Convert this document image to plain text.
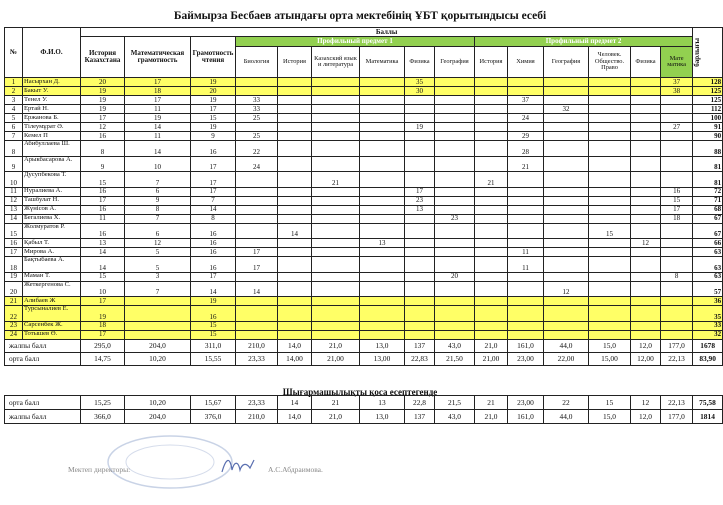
Баймырза Бесбаев атындағы орта мектебінің ҰБТ қорытындысы есебі
№	Ф.И.О.	Баллы															барлығы

		История Казахстана	Математическая грамотность	Грамотность чтения	Профильный предмет 1						Профильный предмет 2						
					Биология	История	Казахский язык и литература	Математика	Физика	География	История	Химия	География	Человек. Общество. Право	Физика	Мате матика	
1	Насырхан Д.	20	17	19					35							37	128
2	Бакыт У.	19	18	20					30							38	125
3	Тенел У.	19	17	19	33							37					125
4	Ертай Н.	19	11	17	33								32				112
5	Ержанова Б.	17	19	15	25							24					100
6	Тілеумұрат Ә.	12	14	19					19							27	91
7	Кемел П	16	11	9	25							29					90
8	Абибуллаева Ш.	8	14	16	22							28					88
9	Арыкбасарова А.	9	10	17	24							21					81
10	Дусупбекова Т.	15	7	17			21				21						81
11	Нуралиева А.	16	6	17					17							16	72
12	Ташбулат Н.	17	9	7					23							15	71
13	Жүнісов А.	16	8	14					13							17	68
14	Бегалиева Х.	11	7	8						23						18	67
15	Жолмуратов Р.	16	6	16		14								15			67
16	Қабыл Т.	13	12	16				13							12		66
17	Мирова А.	14	5	16	17							11					63
18	Бақтыбаева А.	14	5	16	17							11					63
19	Маман Т.	15	3	17						20						8	63
20	Жеткергенова С.	10	7	14	14								12				57
21	Алибаев Ж	17		19													36
22	Турсыналиев Е.	19		16													35
23	Сарсенбек Ж.	18		15													33
24	Тотышев Ө.	17		15													32
жалпы балл		295,0	204,0	311,0	210,0	14,0	21,0	13,0	137	43,0	21,0	161,0	44,0	15,0	12,0	177,0	1678
орта балл		14,75	10,20	15,55	23,33	14,00	21,00	13,00	22,83	21,50	21,00	23,00	22,00	15,00	12,00	22,13	83,90
Шығармашылықты қоса есептегенде
орта балл	15,25	10,20	15,67	23,33	14	21	13	22,8	21,5	21	23,00	22	15	12	22,13	75,58
жалпы балл	366,0	204,0	376,0	210,0	14,0	21,0	13,0	137	43,0	21,0	161,0	44,0	15,0	12,0	177,0	1814
Мектеп директоры:	А.С.Абдраимова.
